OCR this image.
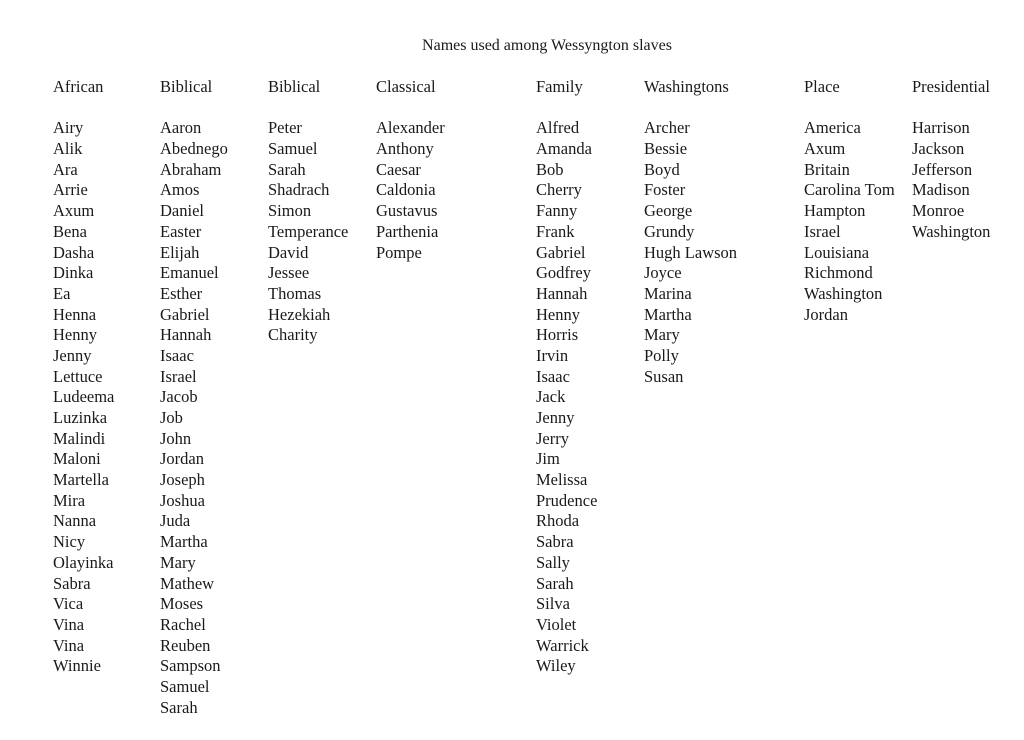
Names used among Wessyngton slaves
African
Airy
Alik
Ara
Arrie
Axum
Bena
Dasha
Dinka
Ea
Henna
Henny
Jenny
Lettuce
Ludeema
Luzinka
Malindi
Maloni
Martella
Mira
Nanna
Nicy
Olayinka
Sabra
Vica
Vina
Vina
Winnie
Biblical
Aaron
Abednego
Abraham
Amos
Daniel
Easter
Elijah
Emanuel
Esther
Gabriel
Hannah
Isaac
Israel
Jacob
Job
John
Jordan
Joseph
Joshua
Juda
Martha
Mary
Mathew
Moses
Rachel
Reuben
Sampson
Samuel
Sarah
Biblical
Peter
Samuel
Sarah
Shadrach
Simon
Temperance
David
Jessee
Thomas
Hezekiah
Charity
Classical
Alexander
Anthony
Caesar
Caldonia
Gustavus
Parthenia
Pompe
Family
Alfred
Amanda
Bob
Cherry
Fanny
Frank
Gabriel
Godfrey
Hannah
Henny
Horris
Irvin
Isaac
Jack
Jenny
Jerry
Jim
Melissa
Prudence
Rhoda
Sabra
Sally
Sarah
Silva
Violet
Warrick
Wiley
Washingtons
Archer
Bessie
Boyd
Foster
George
Grundy
Hugh Lawson
Joyce
Marina
Martha
Mary
Polly
Susan
Place
America
Axum
Britain
Carolina Tom
Hampton
Israel
Louisiana
Richmond
Washington
Jordan
Presidential
Harrison
Jackson
Jefferson
Madison
Monroe
Washington
